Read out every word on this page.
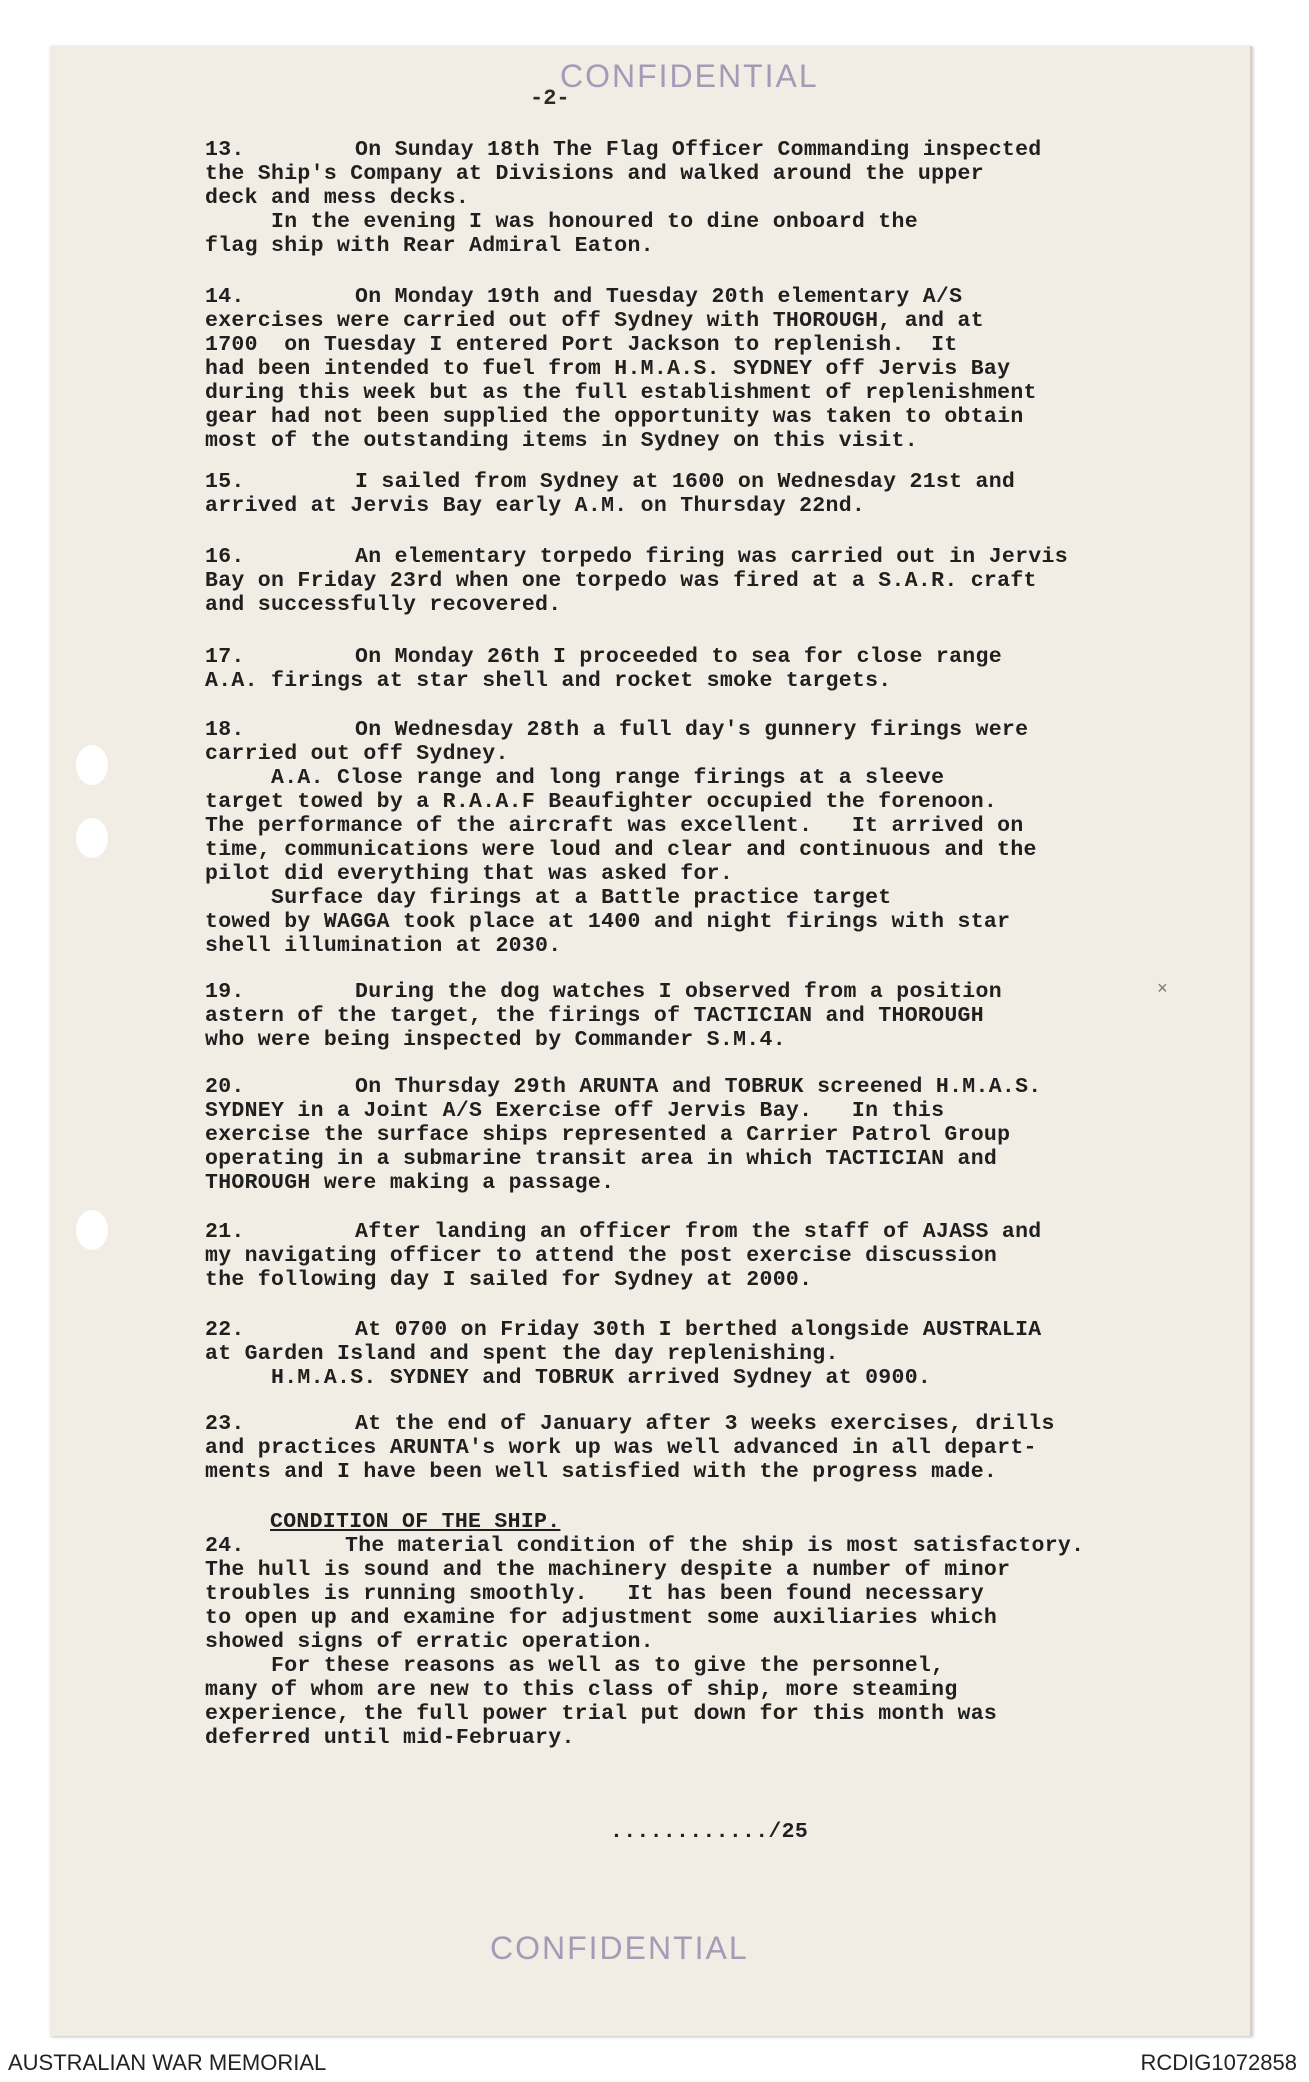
CONFIDENTIAL
-2-
×
13.	On Sunday 18th The Flag Officer Commanding inspected
the Ship's Company at Divisions and walked around the upper
deck and mess decks.
In the evening I was honoured to dine onboard the
flag ship with Rear Admiral Eaton.
14.	On Monday 19th and Tuesday 20th elementary A/S
exercises were carried out off Sydney with THOROUGH, and at
1700  on Tuesday I entered Port Jackson to replenish.  It
had been intended to fuel from H.M.A.S. SYDNEY off Jervis Bay
during this week but as the full establishment of replenishment
gear had not been supplied the opportunity was taken to obtain
most of the outstanding items in Sydney on this visit.
15.	I sailed from Sydney at 1600 on Wednesday 21st and
arrived at Jervis Bay early A.M. on Thursday 22nd.
16.	An elementary torpedo firing was carried out in Jervis
Bay on Friday 23rd when one torpedo was fired at a S.A.R. craft
and successfully recovered.
17.	On Monday 26th I proceeded to sea for close range
A.A. firings at star shell and rocket smoke targets.
18.	On Wednesday 28th a full day's gunnery firings were
carried out off Sydney.
A.A. Close range and long range firings at a sleeve
target towed by a R.A.A.F Beaufighter occupied the forenoon.
The performance of the aircraft was excellent.   It arrived on
time, communications were loud and clear and continuous and the
pilot did everything that was asked for.
Surface day firings at a Battle practice target
towed by WAGGA took place at 1400 and night firings with star
shell illumination at 2030.
19.	During the dog watches I observed from a position
astern of the target, the firings of TACTICIAN and THOROUGH
who were being inspected by Commander S.M.4.
20.	On Thursday 29th ARUNTA and TOBRUK screened H.M.A.S.
SYDNEY in a Joint A/S Exercise off Jervis Bay.   In this
exercise the surface ships represented a Carrier Patrol Group
operating in a submarine transit area in which TACTICIAN and
THOROUGH were making a passage.
21.	After landing an officer from the staff of AJASS and
my navigating officer to attend the post exercise discussion
the following day I sailed for Sydney at 2000.
22.	At 0700 on Friday 30th I berthed alongside AUSTRALIA
at Garden Island and spent the day replenishing.
H.M.A.S. SYDNEY and TOBRUK arrived Sydney at 0900.
23.	At the end of January after 3 weeks exercises, drills
and practices ARUNTA's work up was well advanced in all depart-
ments and I have been well satisfied with the progress made.
CONDITION OF THE SHIP.
24.	The material condition of the ship is most satisfactory.
The hull is sound and the machinery despite a number of minor
troubles is running smoothly.   It has been found necessary
to open up and examine for adjustment some auxiliaries which
showed signs of erratic operation.
For these reasons as well as to give the personnel,
many of whom are new to this class of ship, more steaming
experience, the full power trial put down for this month was
deferred until mid-February.
............/25
CONFIDENTIAL
AUSTRALIAN WAR MEMORIAL	RCDIG1072858
